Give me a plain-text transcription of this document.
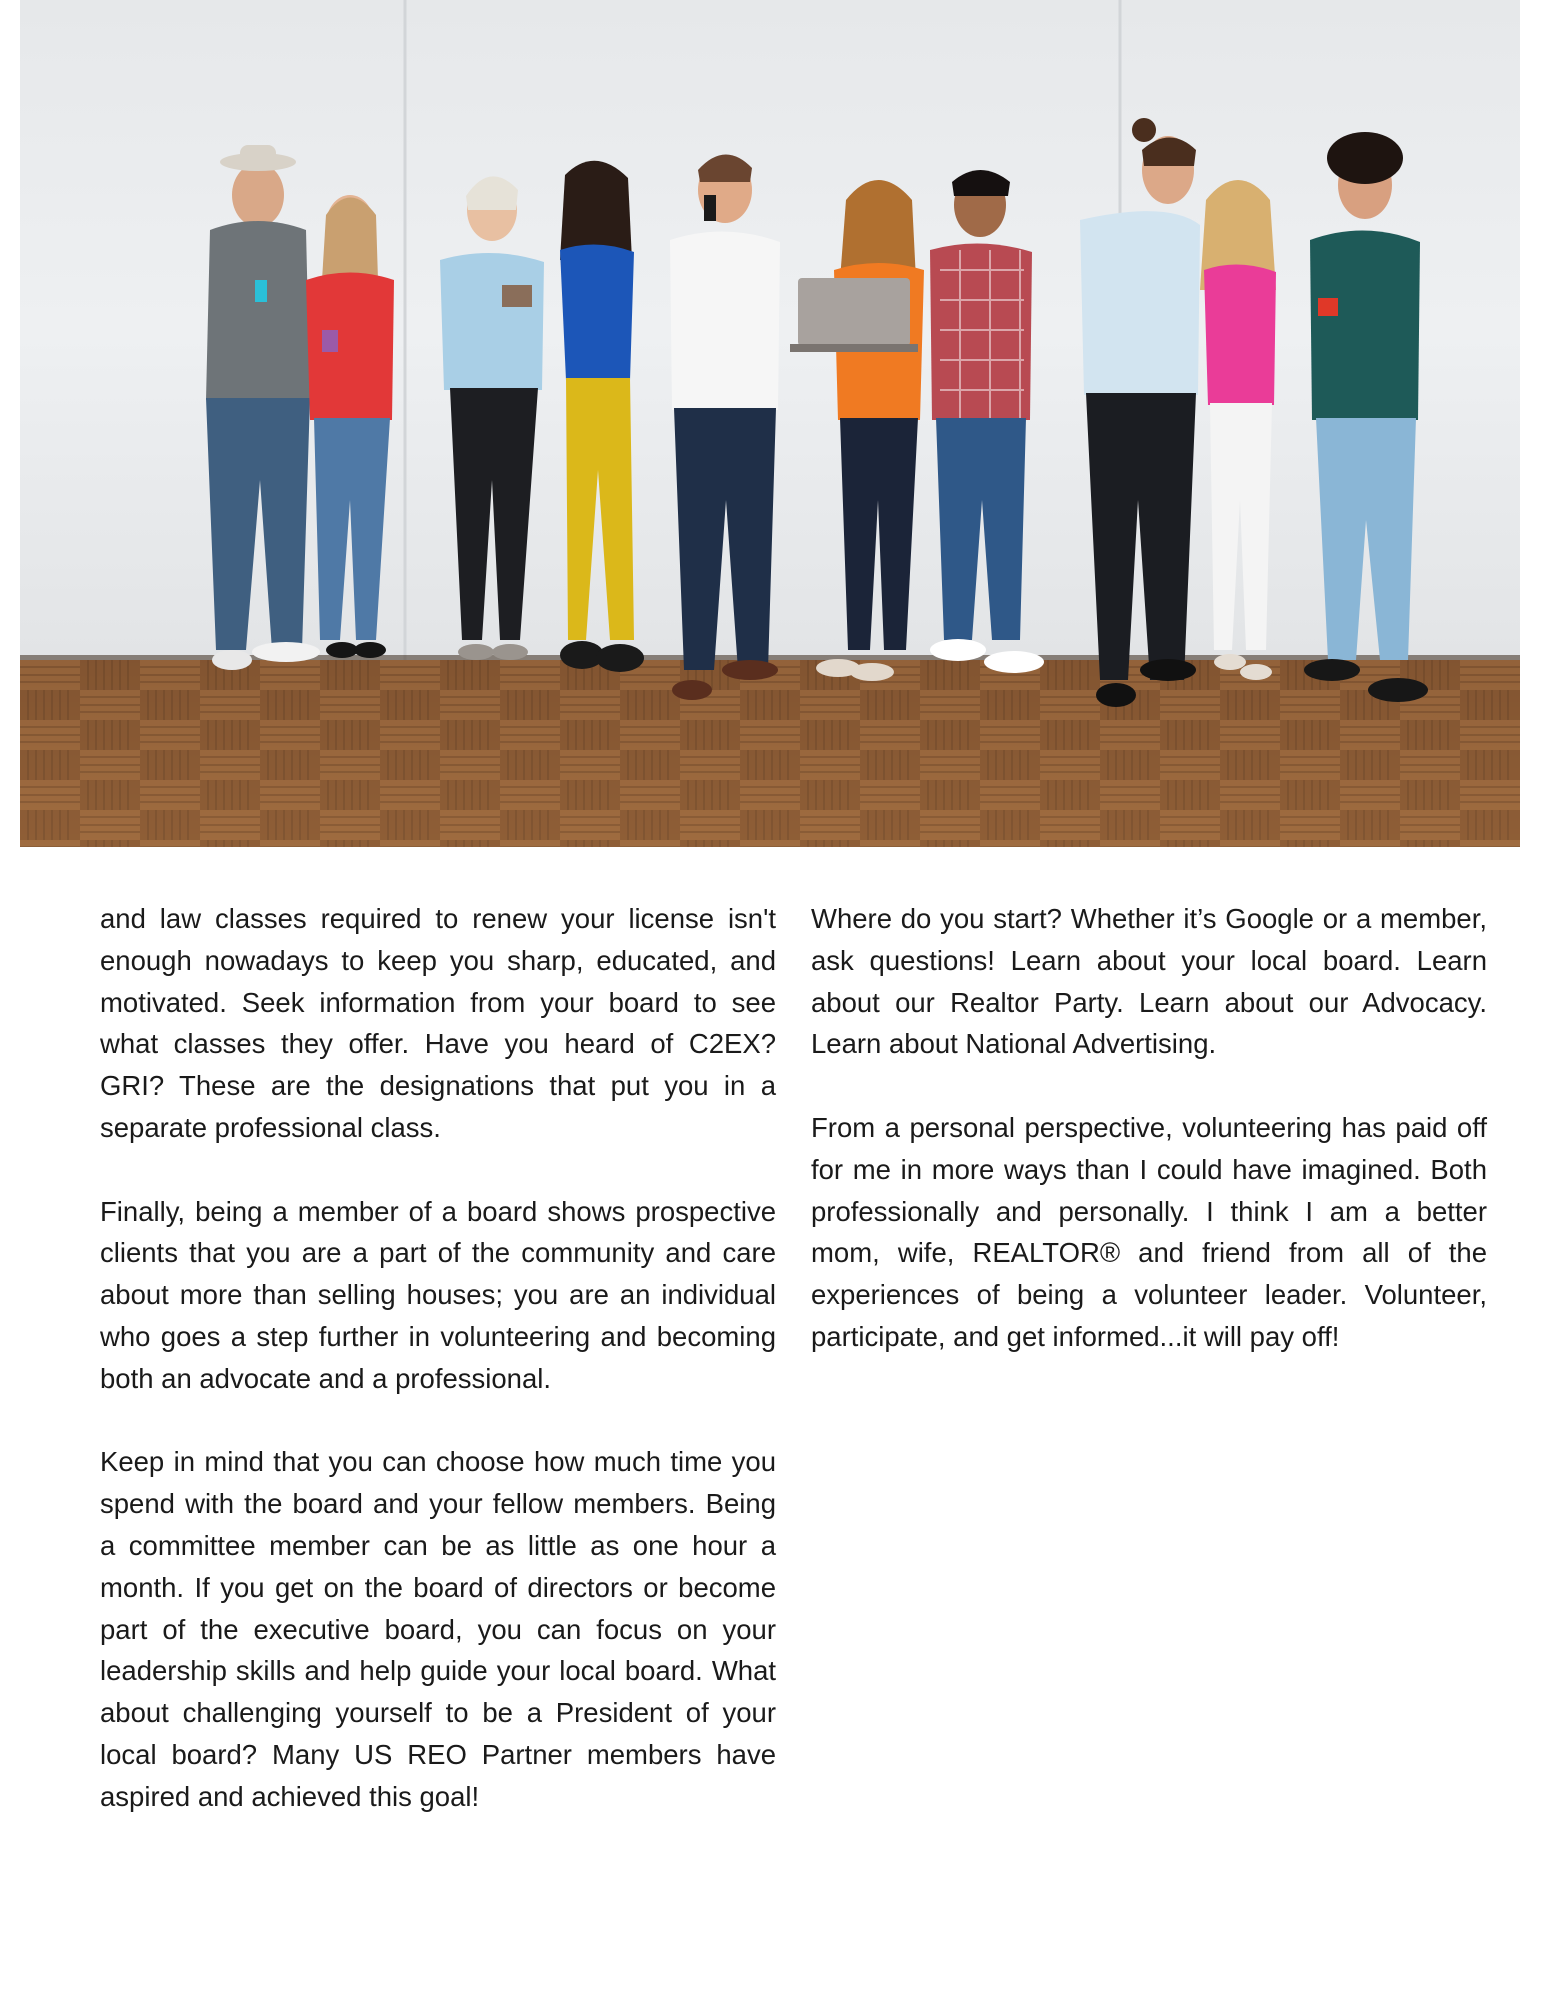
and law classes required to renew your license isn't enough nowadays to keep you sharp, educated, and motivated. Seek information from your board to see what classes they offer. Have you heard of C2EX? GRI? These are the designations that put you in a separate professional class.

Finally, being a member of a board shows prospective clients that you are a part of the community and care about more than selling houses; you are an individual who goes a step further in volunteering and becoming both an advocate and a professional.

Keep in mind that you can choose how much time you spend with the board and your fellow members. Being a committee member can be as little as one hour a month. If you get on the board of directors or become part of the executive board, you can focus on your leadership skills and help guide your local board. What about challenging yourself to be a President of your local board? Many US REO Partner members have aspired and achieved this goal!

Where do you start? Whether it’s Google or a member, ask questions! Learn about your local board. Learn about our Realtor Party. Learn about our Advocacy. Learn about National Advertising.

From a personal perspective, volunteering has paid off for me in more ways than I could have imagined. Both professionally and personally. I think I am a better mom, wife, REALTOR® and friend from all of the experiences of being a volunteer leader. Volunteer, participate, and get informed...it will pay off!
